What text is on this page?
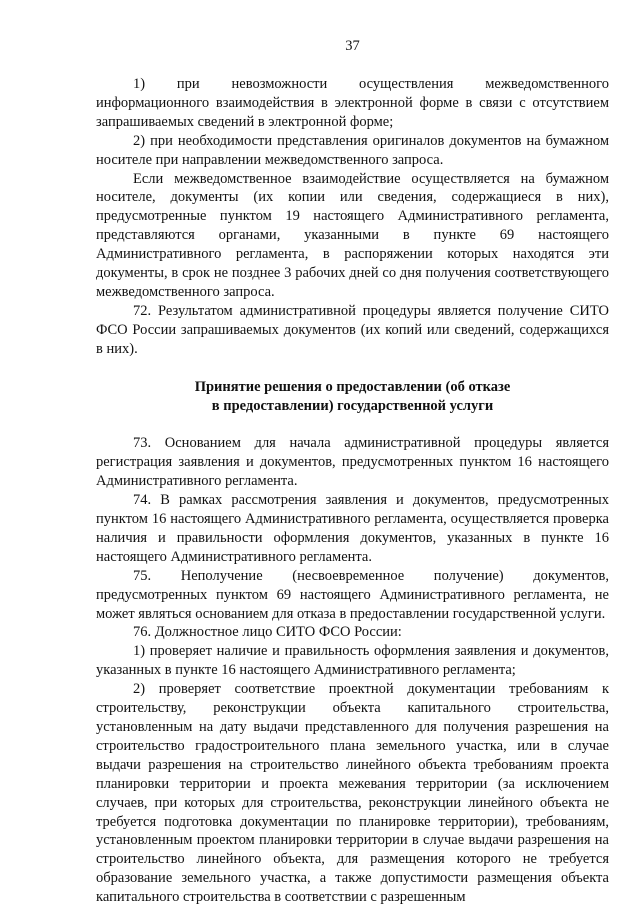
37

1) при невозможности осуществления межведомственного информационного взаимодействия в электронной форме в связи с отсутствием запрашиваемых сведений в электронной форме;

2) при необходимости представления оригиналов документов на бумажном носителе при направлении межведомственного запроса.

Если межведомственное взаимодействие осуществляется на бумажном носителе, документы (их копии или сведения, содержащиеся в них), предусмотренные пунктом 19 настоящего Административного регламента, представляются органами, указанными в пункте 69 настоящего Административного регламента, в распоряжении которых находятся эти документы, в срок не позднее 3 рабочих дней со дня получения соответствующего межведомственного запроса.

72. Результатом административной процедуры является получение СИТО ФСО России запрашиваемых документов (их копий или сведений, содержащихся в них).

Принятие решения о предоставлении (об отказе
в предоставлении) государственной услуги

73. Основанием для начала административной процедуры является регистрация заявления и документов, предусмотренных пунктом 16 настоящего Административного регламента.

74. В рамках рассмотрения заявления и документов, предусмотренных пунктом 16 настоящего Административного регламента, осуществляется проверка наличия и правильности оформления документов, указанных в пункте 16 настоящего Административного регламента.

75. Неполучение (несвоевременное получение) документов, предусмотренных пунктом 69 настоящего Административного регламента, не может являться основанием для отказа в предоставлении государственной услуги.

76. Должностное лицо СИТО ФСО России:

1) проверяет наличие и правильность оформления заявления и документов, указанных в пункте 16 настоящего Административного регламента;

2) проверяет соответствие проектной документации требованиям к строительству, реконструкции объекта капитального строительства, установленным на дату выдачи представленного для получения разрешения на строительство градостроительного плана земельного участка, или в случае выдачи разрешения на строительство линейного объекта требованиям проекта планировки территории и проекта межевания территории (за исключением случаев, при которых для строительства, реконструкции линейного объекта не требуется подготовка документации по планировке территории), требованиям, установленным проектом планировки территории в случае выдачи разрешения на строительство линейного объекта, для размещения которого не требуется образование земельного участка, а также допустимости размещения объекта капитального строительства в соответствии с разрешенным
